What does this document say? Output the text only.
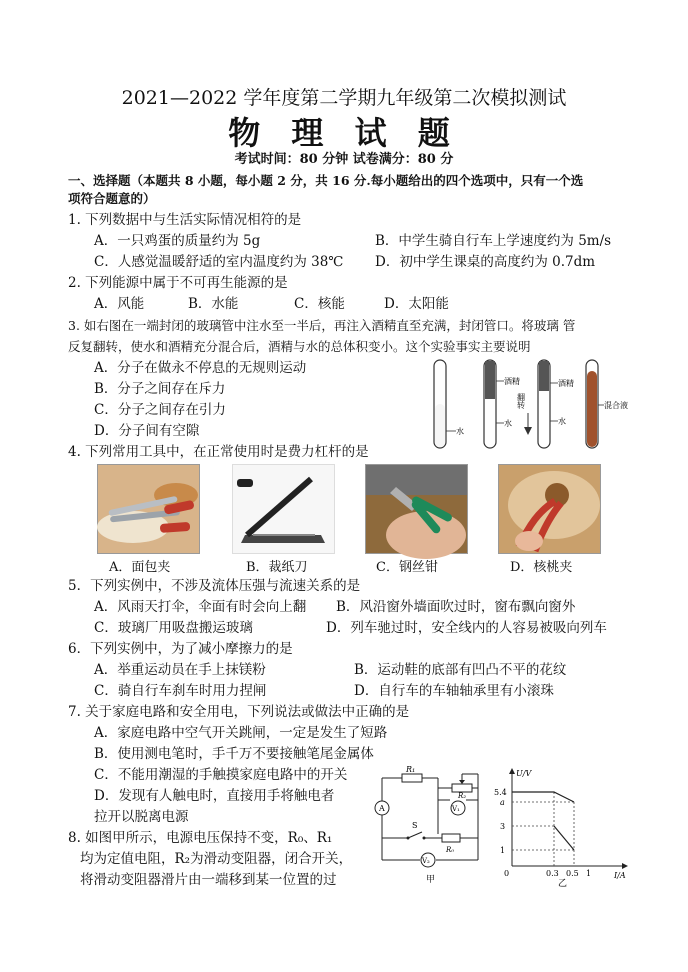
2021—2022 学年度第二学期九年级第二次模拟测试
物 理 试 题
考试时间：80 分钟 试卷满分：80 分
一、选择题（本题共 8 小题，每小题 2 分，共 16 分.每小题给出的四个选项中，只有一个选
项符合题意的）
1. 下列数据中与生活实际情况相符的是
A．一只鸡蛋的质量约为 5g	B．中学生骑自行车上学速度约为 5m/s
C．人感觉温暖舒适的室内温度约为 38℃ D．初中学生课桌的高度约为 0.7dm
2. 下列能源中属于不可再生能源的是
A．风能	B．水能	C．核能	D．太阳能
3. 如右图在一端封闭的玻璃管中注水至一半后，再注入酒精直至充满，封闭管口。将玻璃 管
反复翻转，使水和酒精充分混合后，酒精与水的总体积变小。这个实验事实主要说明
A．分子在做永不停息的无规则运动
B．分子之间存在斥力
C．分子之间存在引力
D．分子间有空隙	水
酒精
水
翻转
酒精
水
混合液
4. 下列常用工具中，在正常使用时是费力杠杆的是
A．面包夹	B．裁纸刀	C．钢丝钳	D．核桃夹
5．下列实例中，不涉及流体压强与流速关系的是
A．风雨天打伞，伞面有时会向上翻 B．风沿窗外墙面吹过时，窗布飘向窗外
C．玻璃厂用吸盘搬运玻璃	D．列车驰过时，安全线内的人容易被吸向列车
6．下列实例中，为了减小摩擦力的是
A．举重运动员在手上抹镁粉	B．运动鞋的底部有凹凸不平的花纹
C．骑自行车刹车时用力捏闸	D．自行车的车轴轴承里有小滚珠
7. 关于家庭电路和安全用电，下列说法或做法中正确的是
A．家庭电路中空气开关跳闸，一定是发生了短路
B．使用测电笔时，手千万不要接触笔尾金属体
C．不能用潮湿的手触摸家庭电路中的开关
D．发现有人触电时，直接用手将触电者
拉开以脱离电源
8. 如图甲所示，电源电压保持不变，R₀、R₁
均为定值电阻，R₂为滑动变阻器，闭合开关，
将滑动变阻器滑片由一端移到某一位置的过
R₁
R₂
V₁
A
S
R₀
V₂
甲
U/V
I/A
0
5.4
a
3
1
0.3 0.5 1
乙
